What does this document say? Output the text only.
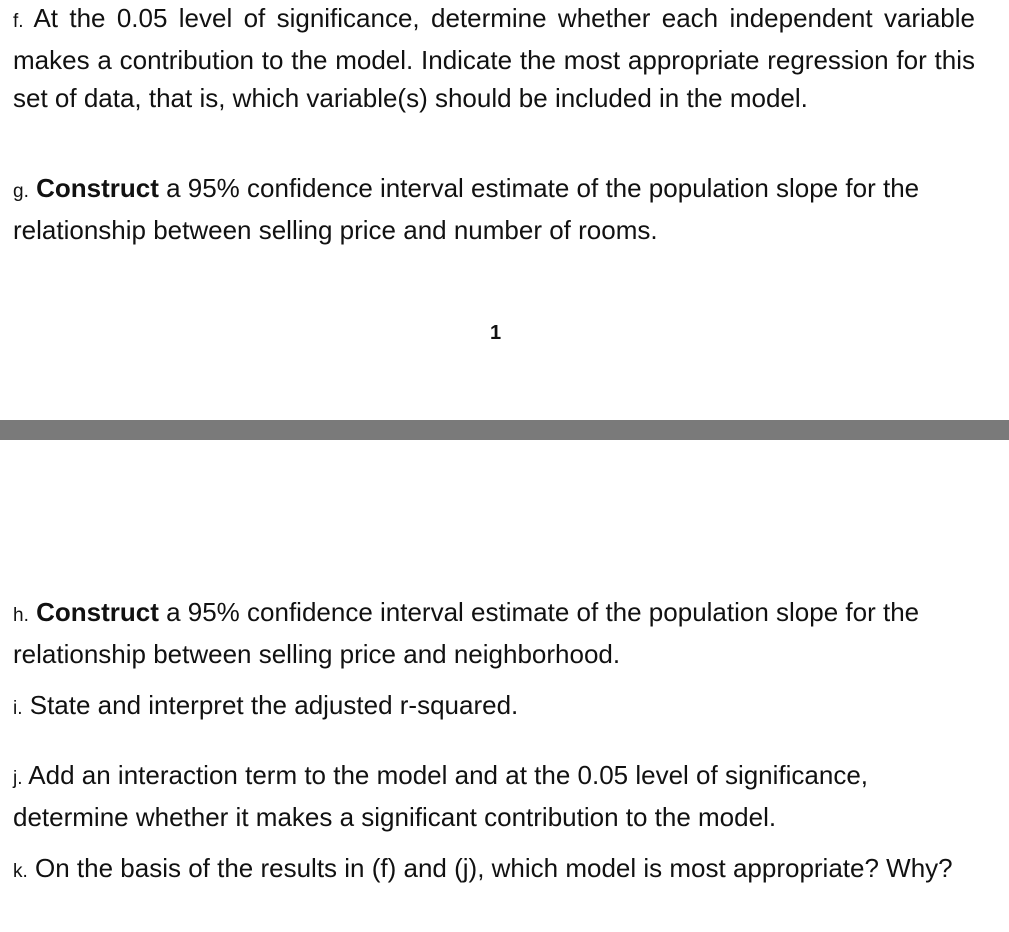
f. At the 0.05 level of significance, determine whether each independent variable makes a contribution to the model. Indicate the most appropriate regression for this set of data, that is, which variable(s) should be included in the model.

g. Construct a 95% confidence interval estimate of the population slope for the relationship between selling price and number of rooms.

1

h. Construct a 95% confidence interval estimate of the population slope for the relationship between selling price and neighborhood.

i. State and interpret the adjusted r-squared.

j. Add an interaction term to the model and at the 0.05 level of significance, determine whether it makes a significant contribution to the model.

k. On the basis of the results in (f) and (j), which model is most appropriate? Why?
